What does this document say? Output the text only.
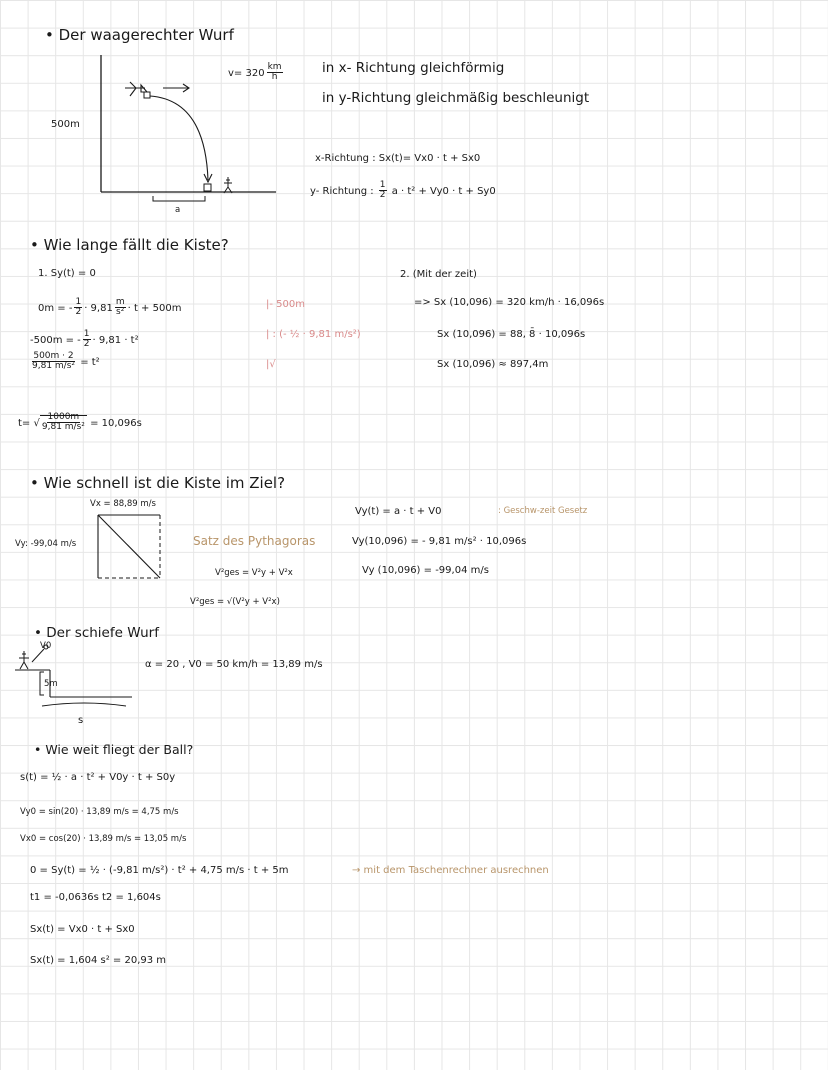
• Der waagerechter Wurf
$v= 320 \frac{km}{h}$
500m
a
in x- Richtung gleichförmig
in y-Richtung gleichmäßig beschleunigt
x-Richtung : Sx(t)= Vx0 · t + Sx0
y- Richtung : $\frac{1}{2}$ a · t² + Vy0 · t + Sy0
• Wie lange fällt die Kiste?
1. Sy(t) = 0
0m = - $\frac{1}{2} \cdot 9,81 \frac{m}{\text{s²}} \cdot t + 500m$
-500m = - $\frac{1}{2} \cdot 9,81 \cdot t^2$
$\frac{500m \cdot 2}{\text{9,81 m/s²}} = t^2$
t= √ $\frac{1000m}{\text{9,81 m/s²}} = 10,096s$
|- 500m
| : (- ½ · 9,81 m/s²)
|√
2. (Mit der zeit)
=> Sx (10,096) = 320 km/h · 16,096s
Sx (10,096) = 88, 8̄ · 10,096s
Sx (10,096) ≈ 897,4m
• Wie schnell ist die Kiste im Ziel?
Vx = 88,89 m/s
Vy: -99,04 m/s	Satz des Pythagoras
V²ges = V²y + V²x
V²ges = √(V²y + V²x)
Vy(t) = a · t + V0	: Geschw-zeit Gesetz
Vy(10,096) = - 9,81 m/s² · 10,096s
Vy (10,096) = -99,04 m/s
• Der schiefe Wurf
V0
5m
s
α = 20 , V0 = 50 km/h = 13,89 m/s
• Wie weit fliegt der Ball?
s(t) = ½ · a · t² + V0y · t + S0y
Vy0 = sin(20) · 13,89 m/s = 4,75 m/s
Vx0 = cos(20) · 13,89 m/s = 13,05 m/s
0 = Sy(t) = ½ · (-9,81 m/s²) · t² + 4,75 m/s · t + 5m	→ mit dem Taschenrechner ausrechnen
t1 = -0,0636s t2 = 1,604s
Sx(t) = Vx0 · t + Sx0
Sx(t) = 1,604 s² = 20,93 m
